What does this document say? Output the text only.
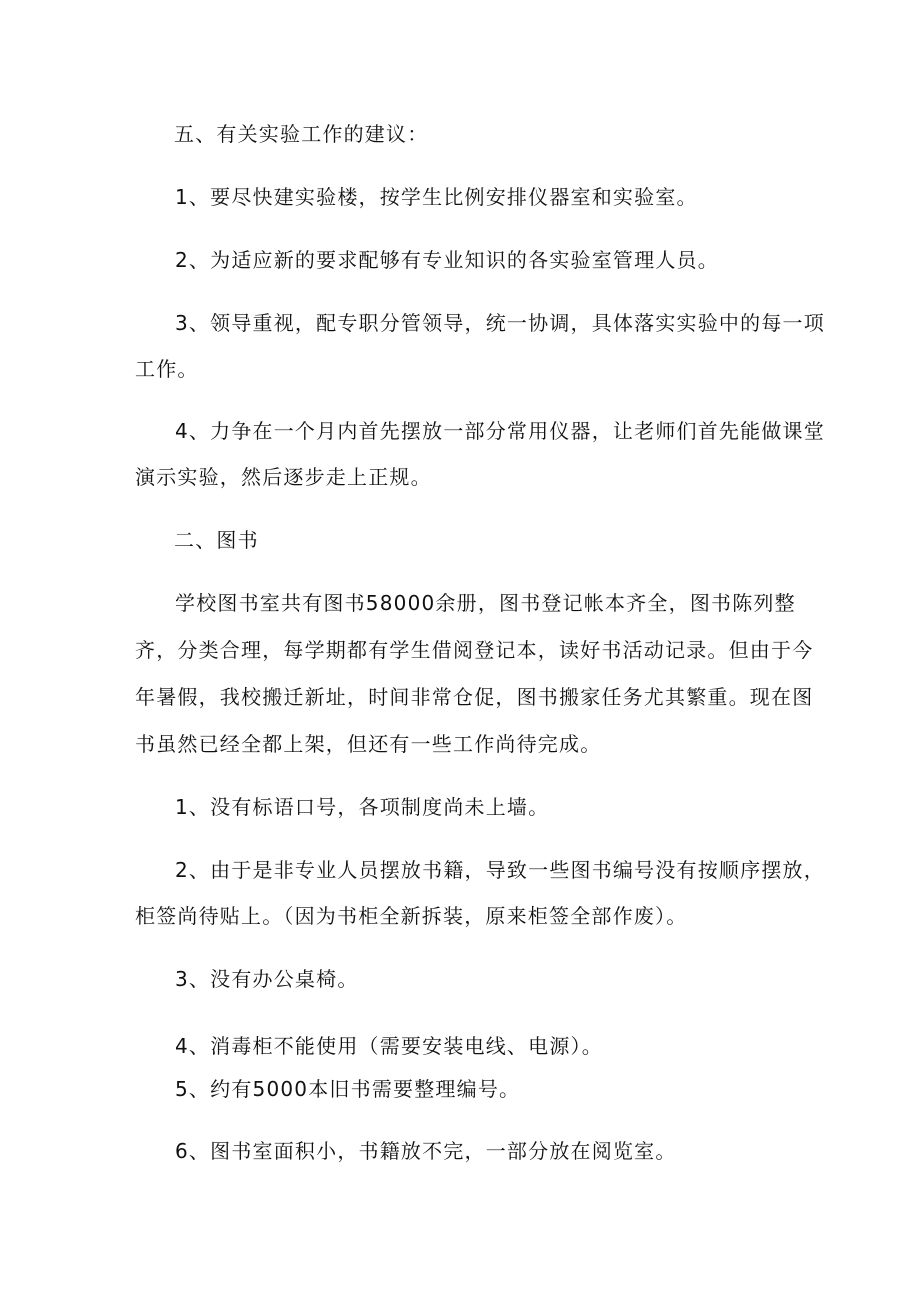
五、有关实验工作的建议：
1、要尽快建实验楼，按学生比例安排仪器室和实验室。
2、为适应新的要求配够有专业知识的各实验室管理人员。
3、领导重视，配专职分管领导，统一协调，具体落实实验中的每一项
工作。
4、力争在一个月内首先摆放一部分常用仪器，让老师们首先能做课堂
演示实验，然后逐步走上正规。
二、图书
学校图书室共有图书58000余册，图书登记帐本齐全，图书陈列整
齐，分类合理，每学期都有学生借阅登记本，读好书活动记录。但由于今
年暑假，我校搬迁新址，时间非常仓促，图书搬家任务尤其繁重。现在图
书虽然已经全都上架，但还有一些工作尚待完成。
1、没有标语口号，各项制度尚未上墙。
2、由于是非专业人员摆放书籍，导致一些图书编号没有按顺序摆放，
柜签尚待贴上。（因为书柜全新拆装，原来柜签全部作废）。
3、没有办公桌椅。
4、消毒柜不能使用（需要安装电线、电源）。
5、约有5000本旧书需要整理编号。
6、图书室面积小，书籍放不完，一部分放在阅览室。
